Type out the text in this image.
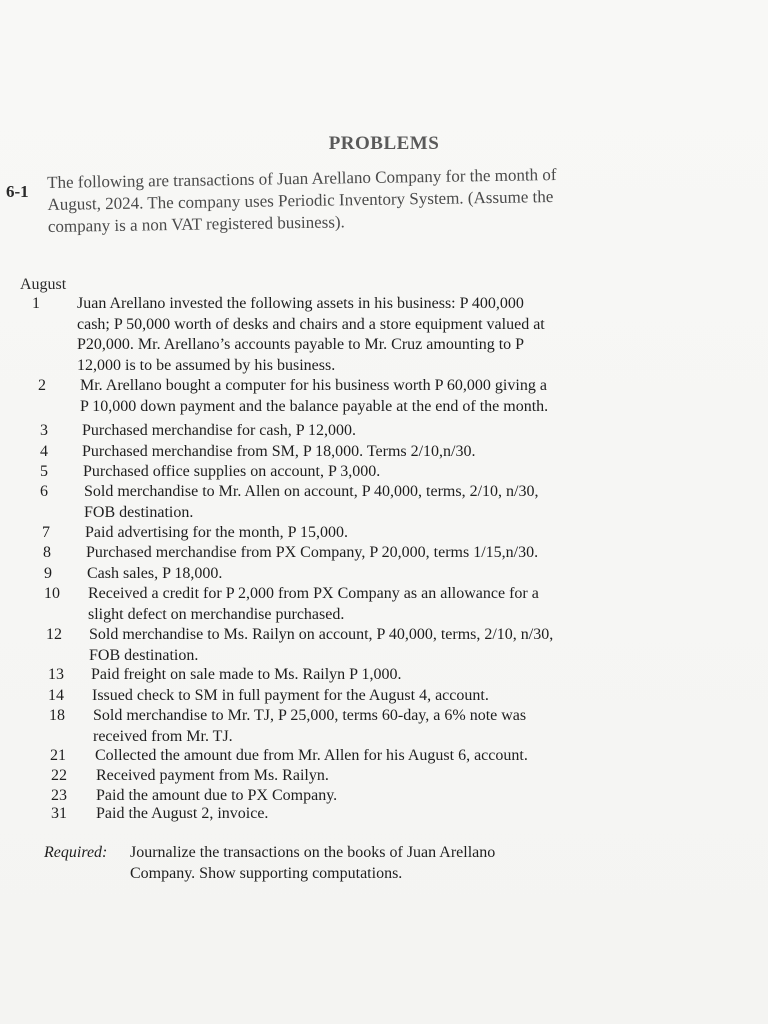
PROBLEMS
6-1 The following are transactions of Juan Arellano Company for the month of
August, 2024. The company uses Periodic Inventory System. (Assume the
company is a non VAT registered business).
August
1 Juan Arellano invested the following assets in his business: P 400,000
cash; P 50,000 worth of desks and chairs and a store equipment valued at
P20,000. Mr. Arellano’s accounts payable to Mr. Cruz amounting to P
12,000 is to be assumed by his business.
2 Mr. Arellano bought a computer for his business worth P 60,000 giving a
P 10,000 down payment and the balance payable at the end of the month.
3 Purchased merchandise for cash, P 12,000.
4 Purchased merchandise from SM, P 18,000. Terms 2/10,n/30.
5 Purchased office supplies on account, P 3,000.
6 Sold merchandise to Mr. Allen on account, P 40,000, terms, 2/10, n/30,
FOB destination.
7 Paid advertising for the month, P 15,000.
8 Purchased merchandise from PX Company, P 20,000, terms 1/15,n/30.
9 Cash sales, P 18,000.
10 Received a credit for P 2,000 from PX Company as an allowance for a
slight defect on merchandise purchased.
12 Sold merchandise to Ms. Railyn on account, P 40,000, terms, 2/10, n/30,
FOB destination.
13 Paid freight on sale made to Ms. Railyn P 1,000.
14 Issued check to SM in full payment for the August 4, account.
18 Sold merchandise to Mr. TJ, P 25,000, terms 60-day, a 6% note was
received from Mr. TJ.
21 Collected the amount due from Mr. Allen for his August 6, account.
22 Received payment from Ms. Railyn.
23 Paid the amount due to PX Company.
31 Paid the August 2, invoice.
Required: Journalize the transactions on the books of Juan Arellano
Company. Show supporting computations.
